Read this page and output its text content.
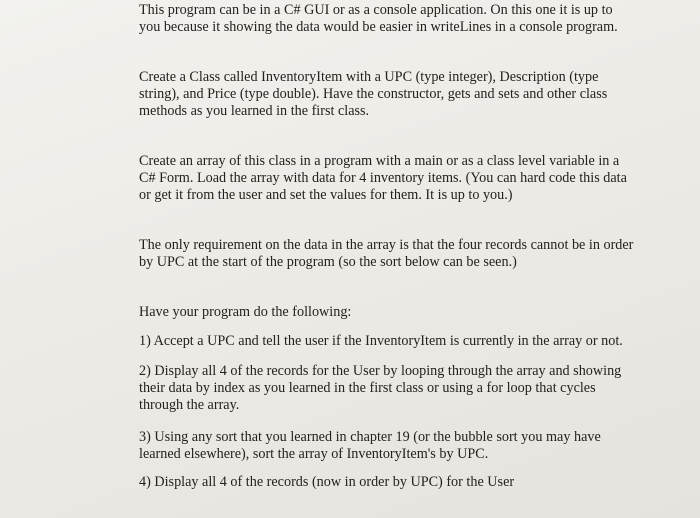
This program can be in a C# GUI or as a console application. On this one it is up to
you because it showing the data would be easier in writeLines in a console program.
Create a Class called InventoryItem with a UPC (type integer), Description (type
string), and Price (type double). Have the constructor, gets and sets and other class
methods as you learned in the first class.
Create an array of this class in a program with a main or as a class level variable in a
C# Form. Load the array with data for 4 inventory items. (You can hard code this data
or get it from the user and set the values for them. It is up to you.)
The only requirement on the data in the array is that the four records cannot be in order
by UPC at the start of the program (so the sort below can be seen.)
Have your program do the following:
1) Accept a UPC and tell the user if the InventoryItem is currently in the array or not.
2) Display all 4 of the records for the User by looping through the array and showing
their data by index as you learned in the first class or using a for loop that cycles
through the array.
3) Using any sort that you learned in chapter 19 (or the bubble sort you may have
learned elsewhere), sort the array of InventoryItem's by UPC.
4) Display all 4 of the records (now in order by UPC) for the User
